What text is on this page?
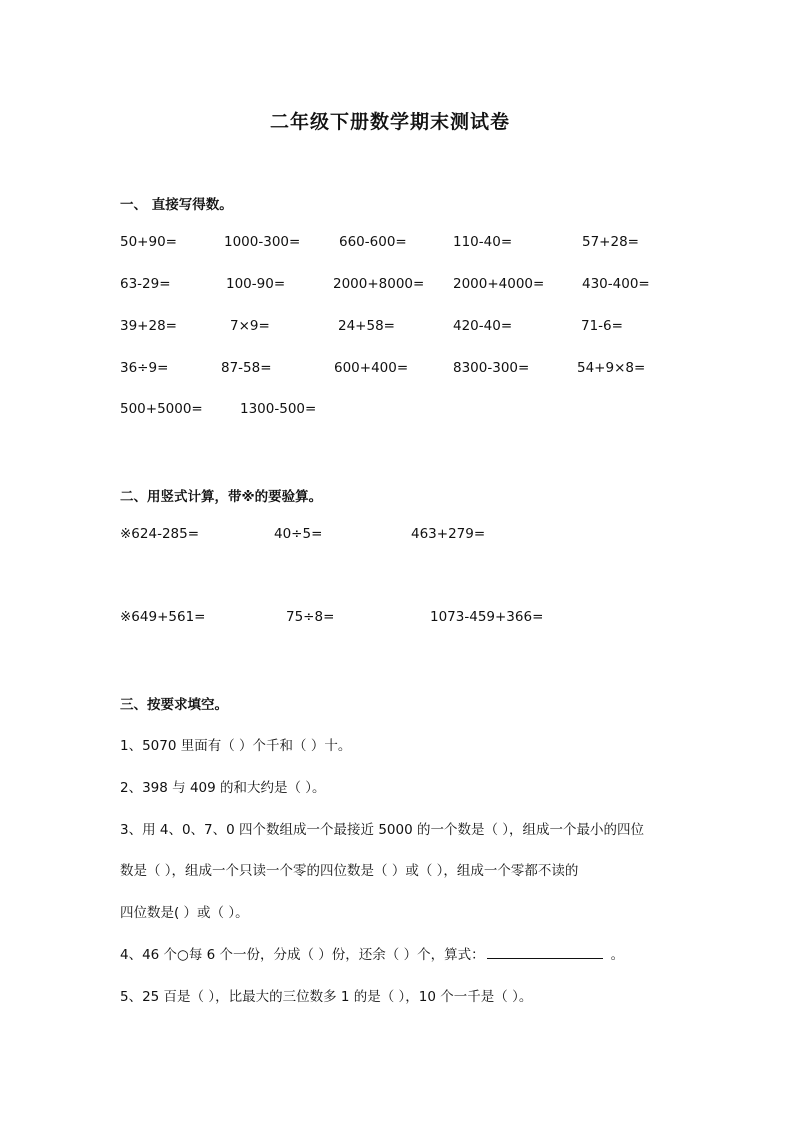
二年级下册数学期末测试卷
一、 直接写得数。
50+90=	1000-300=	660-600=	110-40=	57+28=
63-29=	100-90=	2000+8000= 2000+4000=	430-400=
39+28=	7×9=	24+58=	420-40=	71-6=
36÷9=	87-58=	600+400=	8300-300=	54+9×8=
500+5000=	1300-500=
二、用竖式计算，带※的要验算。
※624-285=	40÷5=	463+279=
※649+561=	75÷8=	1073-459+366=
三、按要求填空。
1、5070 里面有（ ）个千和（ ）十。
2、398 与 409 的和大约是（ ）。
3、用 4、0、7、0 四个数组成一个最接近 5000 的一个数是（ ），组成一个最小的四位
数是（ ），组成一个只读一个零的四位数是（ ）或（ ），组成一个零都不读的
四位数是( ）或（ ）。
4、46 个○每 6 个一份，分成（ ）份，还余（ ）个，算式：	。
5、25 百是（ ），比最大的三位数多 1 的是（ ），10 个一千是（ ）。
